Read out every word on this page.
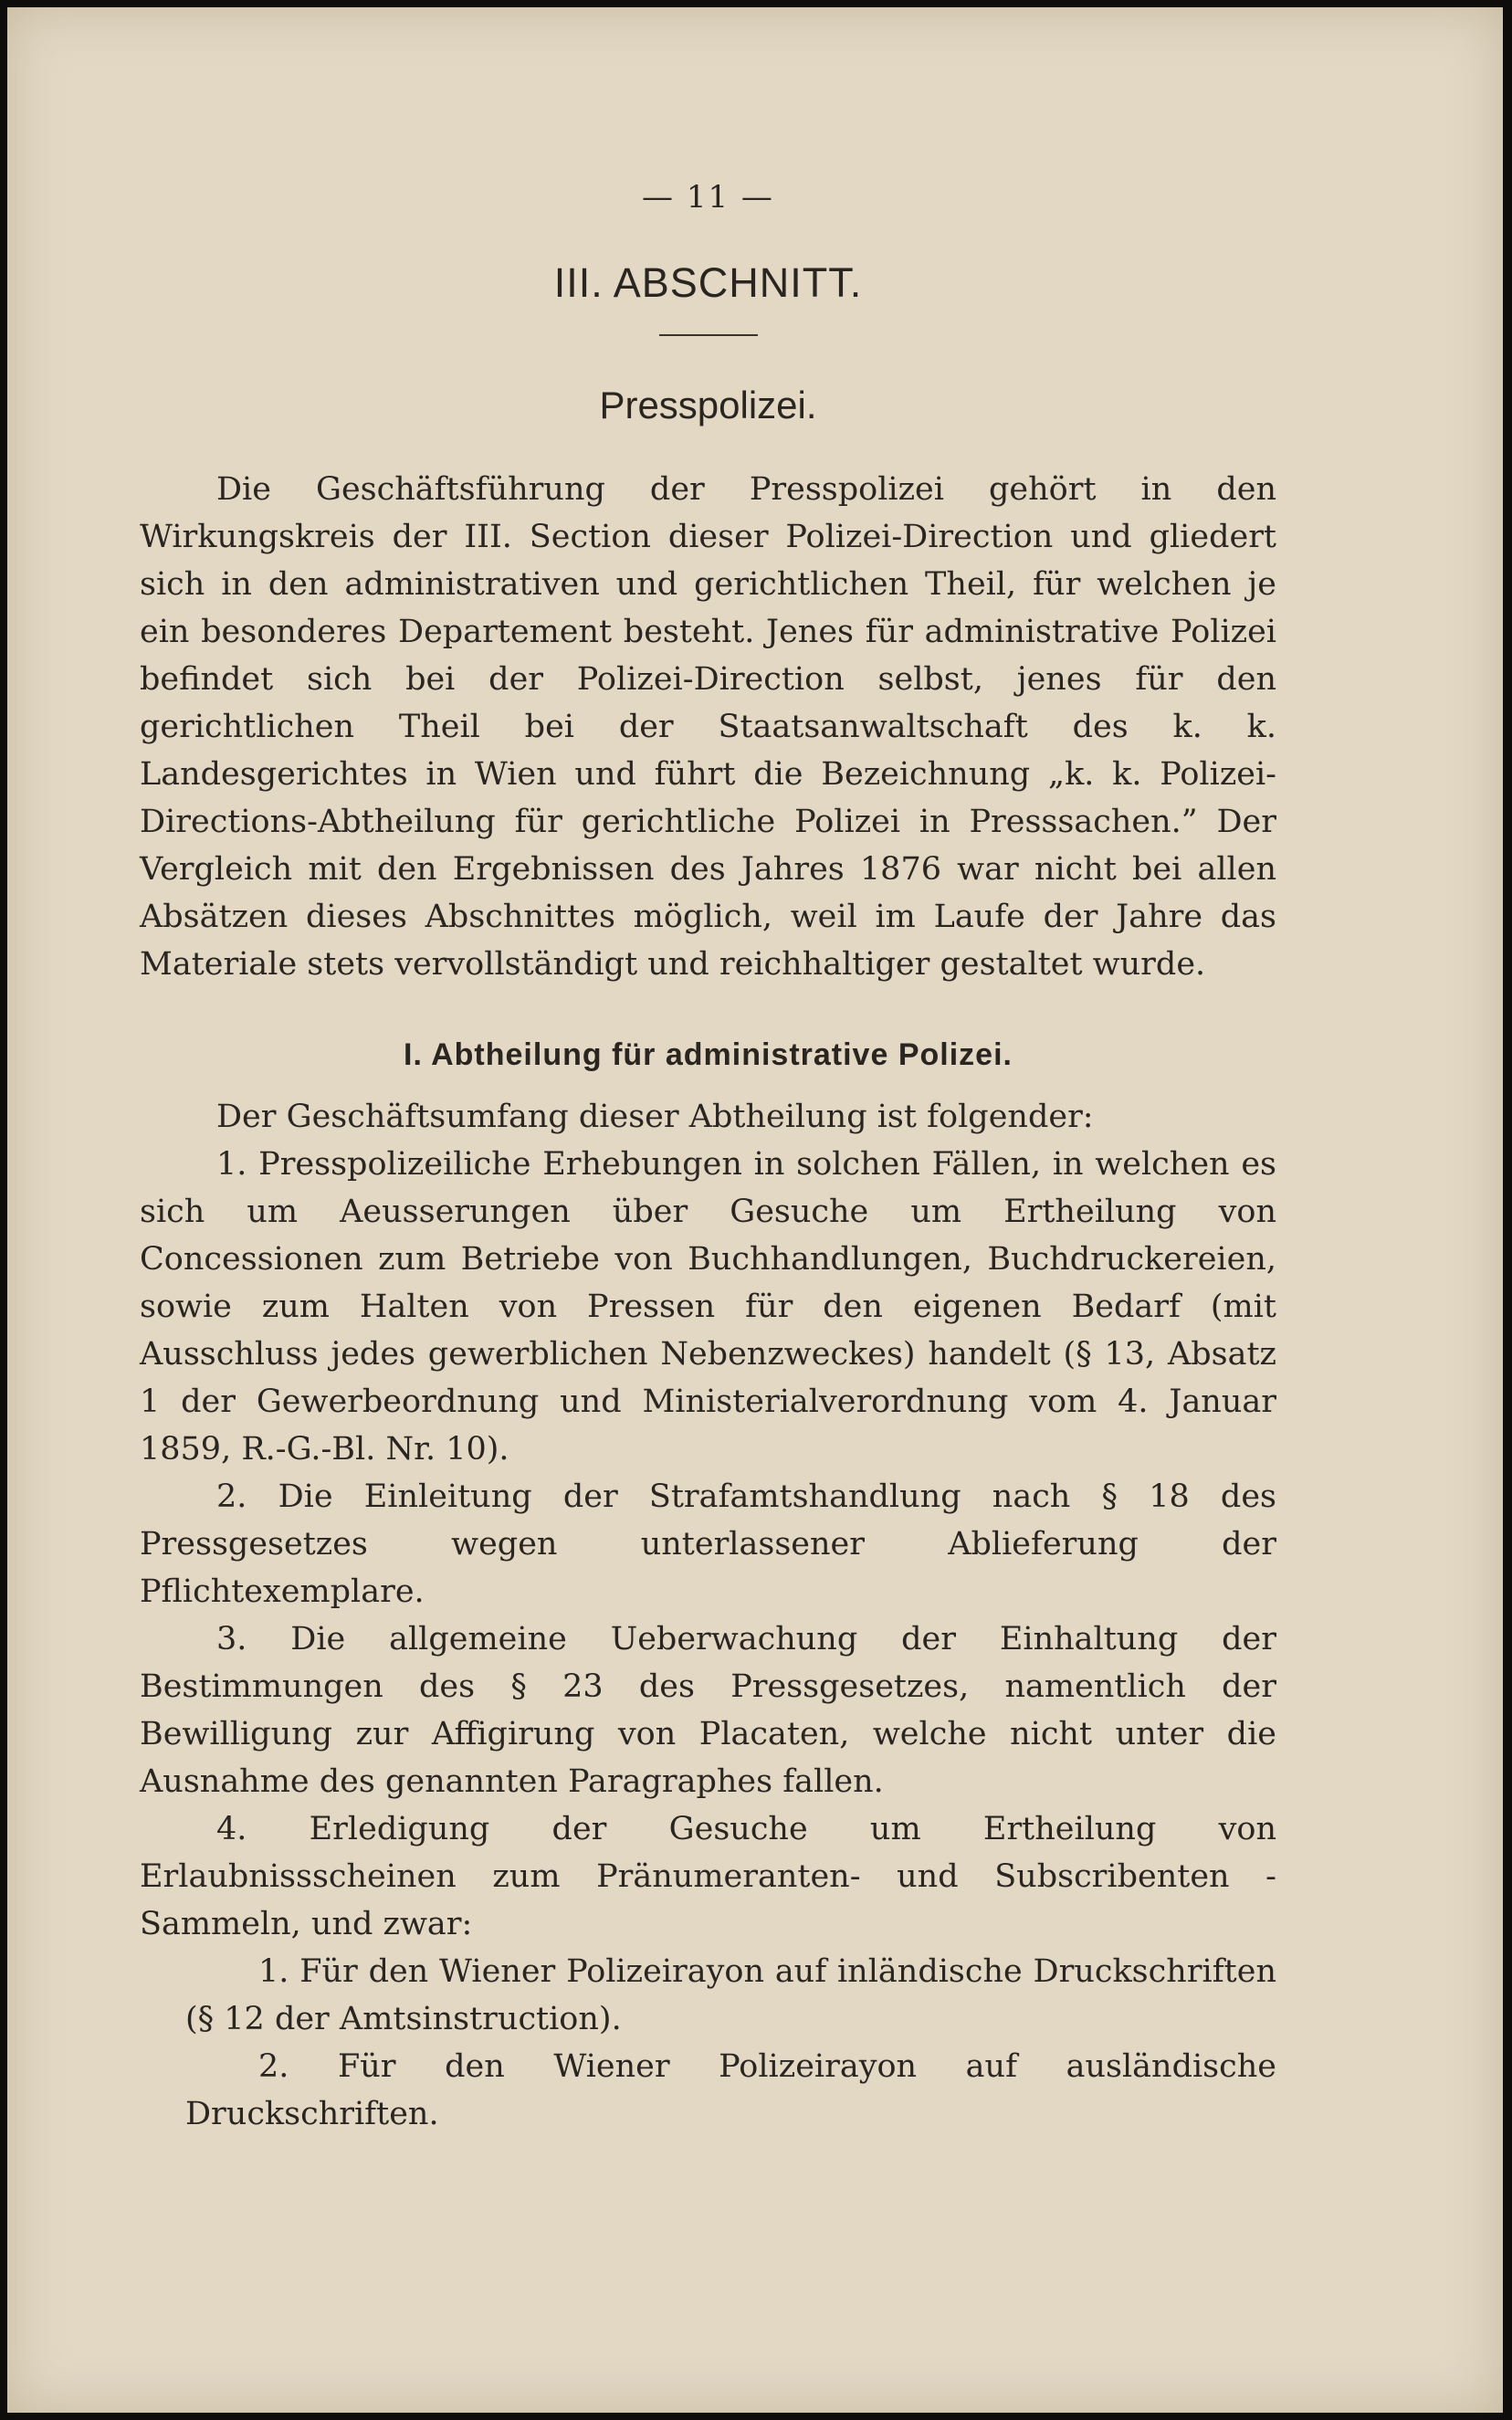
— 11 —
III. ABSCHNITT.
Presspolizei.

Die Geschäftsführung der Presspolizei gehört in den Wirkungskreis der III. Section dieser Polizei-Direction und gliedert sich in den administrativen und gerichtlichen Theil, für welchen je ein besonderes Departement besteht. Jenes für administrative Polizei befindet sich bei der Polizei-Direction selbst, jenes für den gerichtlichen Theil bei der Staatsanwaltschaft des k. k. Landesgerichtes in Wien und führt die Bezeichnung „k. k. Polizei-Directions-Abtheilung für gerichtliche Polizei in Presssachen.” Der Vergleich mit den Ergebnissen des Jahres 1876 war nicht bei allen Absätzen dieses Abschnittes möglich, weil im Laufe der Jahre das Materiale stets vervollständigt und reichhaltiger gestaltet wurde.

I. Abtheilung für administrative Polizei.

Der Geschäftsumfang dieser Abtheilung ist folgender:

1. Presspolizeiliche Erhebungen in solchen Fällen, in welchen es sich um Aeusserungen über Gesuche um Ertheilung von Concessionen zum Betriebe von Buchhandlungen, Buchdruckereien, sowie zum Halten von Pressen für den eigenen Bedarf (mit Ausschluss jedes gewerblichen Nebenzweckes) handelt (§ 13, Absatz 1 der Gewerbeordnung und Ministerialverordnung vom 4. Januar 1859, R.-G.-Bl. Nr. 10).

2. Die Einleitung der Strafamtshandlung nach § 18 des Pressgesetzes wegen unterlassener Ablieferung der Pflichtexemplare.

3. Die allgemeine Ueberwachung der Einhaltung der Bestimmungen des § 23 des Pressgesetzes, namentlich der Bewilligung zur Affigirung von Placaten, welche nicht unter die Ausnahme des genannten Paragraphes fallen.

4. Erledigung der Gesuche um Ertheilung von Erlaubnissscheinen zum Pränumeranten- und Subscribenten - Sammeln, und zwar:

1. Für den Wiener Polizeirayon auf inländische Druckschriften (§ 12 der Amtsinstruction).

2. Für den Wiener Polizeirayon auf ausländische Druckschriften.
